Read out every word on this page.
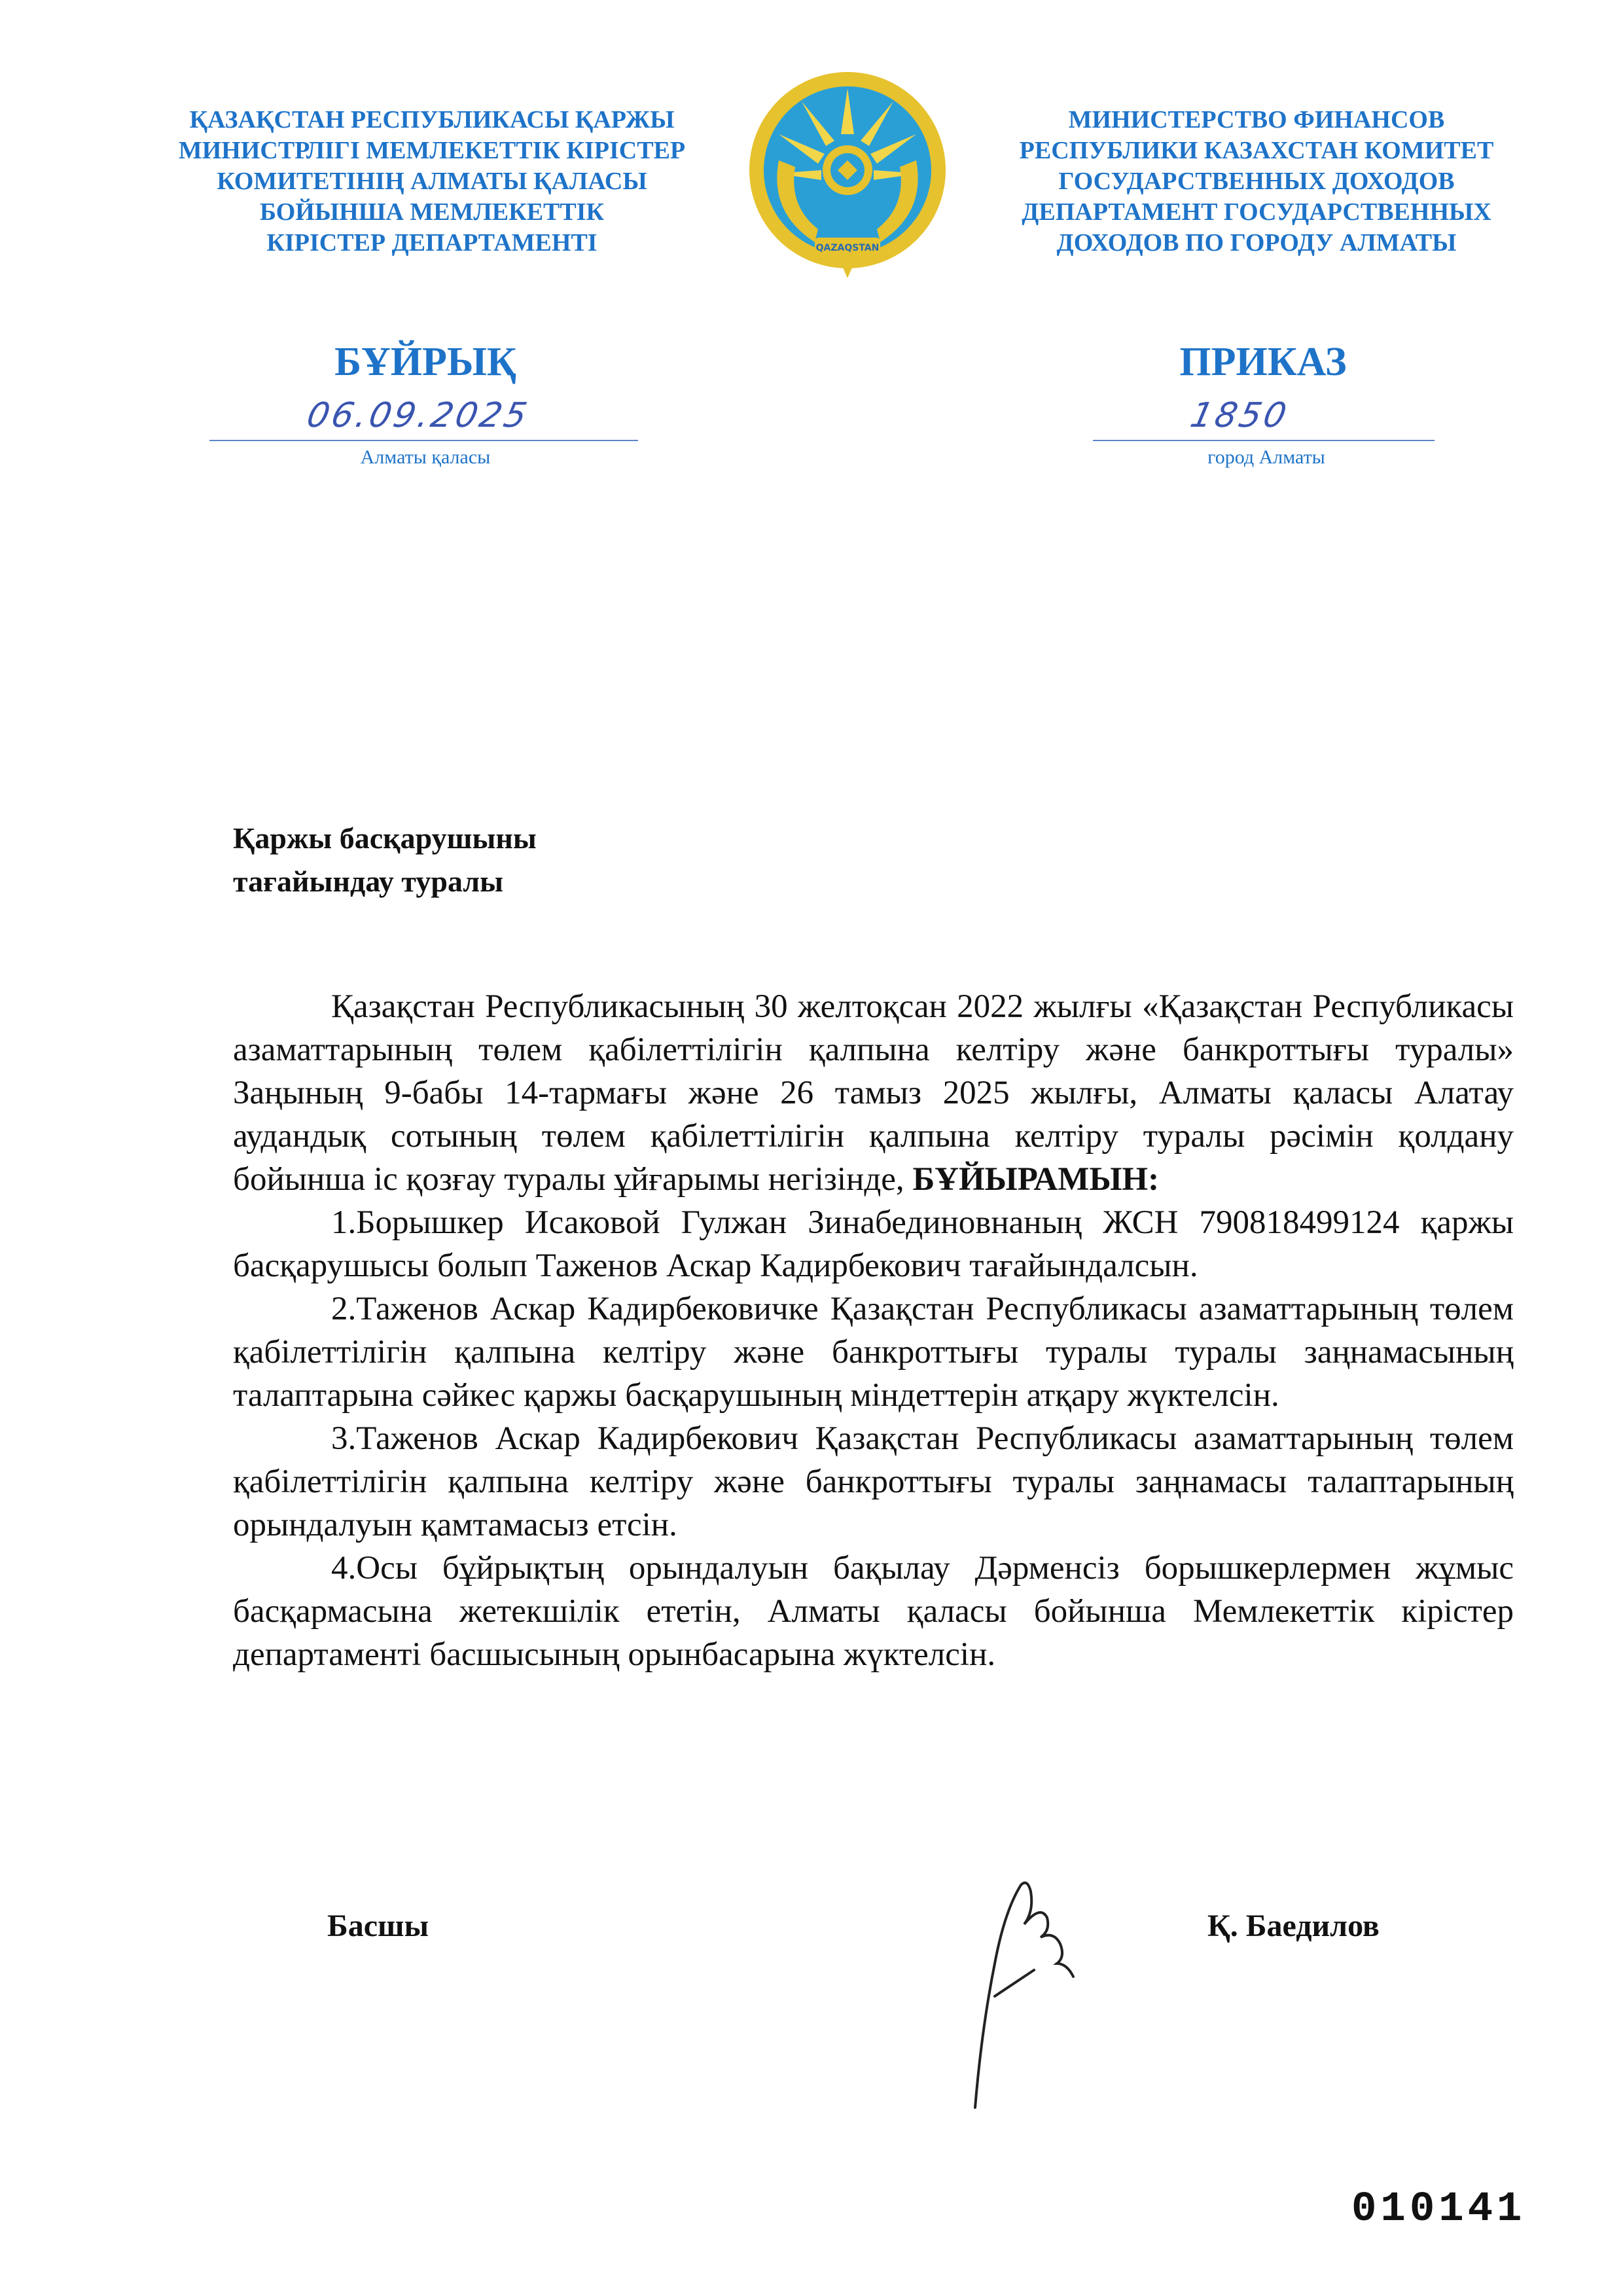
ҚАЗАҚСТАН РЕСПУБЛИКАСЫ ҚАРЖЫ
МИНИСТРЛІГІ МЕМЛЕКЕТТІК КІРІСТЕР
КОМИТЕТІНІҢ АЛМАТЫ ҚАЛАСЫ
БОЙЫНША МЕМЛЕКЕТТІК
КІРІСТЕР ДЕПАРТАМЕНТІ	QAZAQSTAN
МИНИСТЕРСТВО ФИНАНСОВ
РЕСПУБЛИКИ КАЗАХСТАН КОМИТЕТ
ГОСУДАРСТВЕННЫХ ДОХОДОВ
ДЕПАРТАМЕНТ ГОСУДАРСТВЕННЫХ
ДОХОДОВ ПО ГОРОДУ АЛМАТЫ
БҰЙРЫҚ	ПРИКАЗ
06.09.2025	1850
Алматы қаласы	город Алматы
Қаржы басқарушыны
тағайындау туралы

Қазақстан Республикасының 30 желтоқсан 2022 жылғы «Қазақстан Республикасы азаматтарының төлем қабілеттілігін қалпына келтіру және банкроттығы туралы» Заңының 9-бабы 14-тармағы және 26 тамыз 2025 жылғы, Алматы қаласы Алатау аудандық сотының төлем қабілеттілігін қалпына келтіру туралы рәсімін қолдану бойынша іс қозғау туралы ұйғарымы негізінде, БҰЙЫРАМЫН:

1.Борышкер Исаковой Гулжан Зинабединовнаның ЖСН 790818499124 қаржы басқарушысы болып Таженов Аскар Кадирбекович тағайындалсын.

2.Таженов Аскар Кадирбековичке Қазақстан Республикасы азаматтарының төлем қабілеттілігін қалпына келтіру және банкроттығы туралы туралы заңнамасының талаптарына сәйкес қаржы басқарушының міндеттерін атқару жүктелсін.

3.Таженов Аскар Кадирбекович Қазақстан Республикасы азаматтарының төлем қабілеттілігін қалпына келтіру және банкроттығы туралы заңнамасы талаптарының орындалуын қамтамасыз етсін.

4.Осы бұйрықтың орындалуын бақылау Дәрменсіз борышкерлермен жұмыс басқармасына жетекшілік ететін, Алматы қаласы бойынша Мемлекеттік кірістер департаменті басшысының орынбасарына жүктелсін.

Басшы	Қ. Баедилов
010141
